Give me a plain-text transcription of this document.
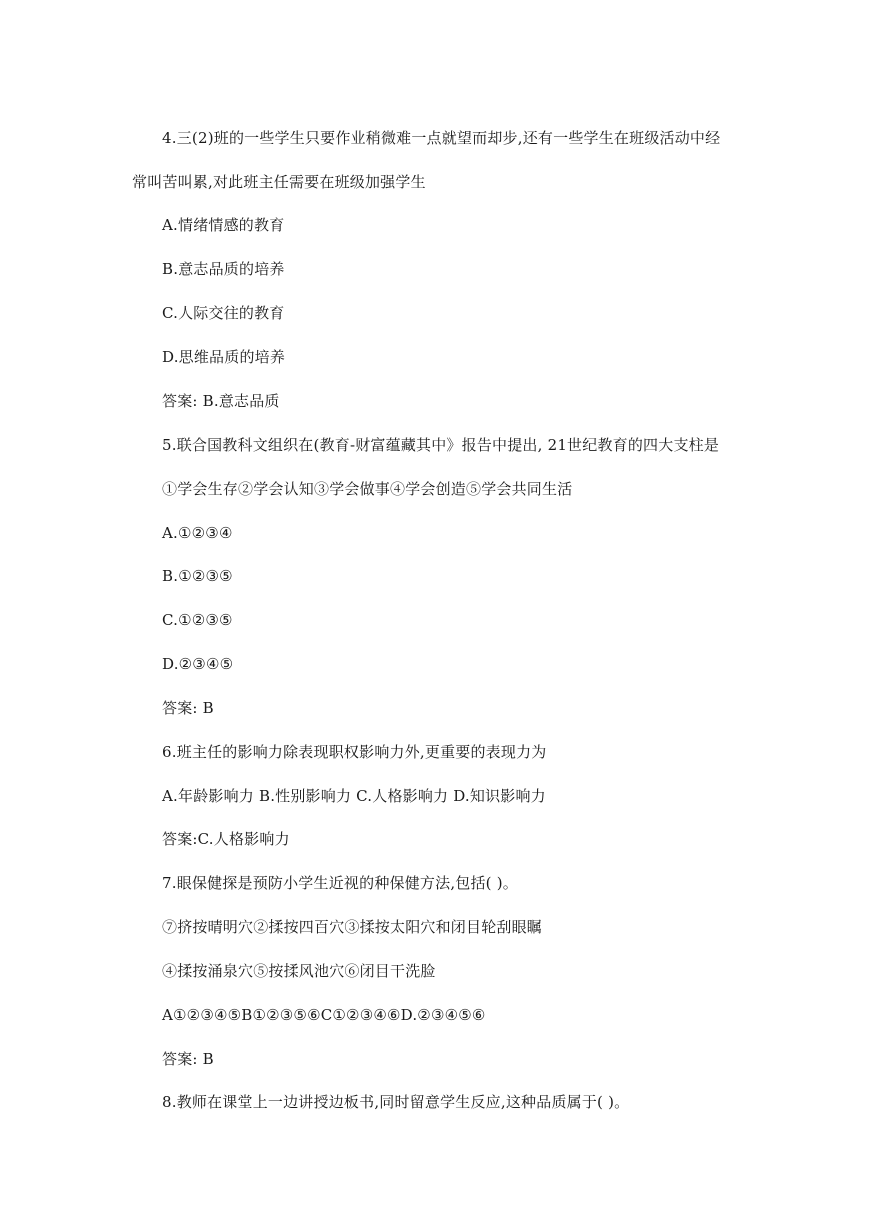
4.三(2)班的一些学生只要作业稍微难一点就望而却步,还有一些学生在班级活动中经
常叫苦叫累,对此班主任需要在班级加强学生
A.情绪情感的教育
B.意志品质的培养
C.人际交往的教育
D.思维品质的培养
答案: B.意志品质
5.联合国教科文组织在(教育-财富蕴藏其中》报告中提出, 21世纪教育的四大支柱是
①学会生存②学会认知③学会做事④学会创造⑤学会共同生活
A.①②③④
B.①②③⑤
C.①②③⑤
D.②③④⑤
答案: B
6.班主任的影响力除表现职权影响力外,更重要的表现力为
A.年龄影响力 B.性别影响力 C.人格影响力 D.知识影响力
答案:C.人格影响力
7.眼保健探是预防小学生近视的种保健方法,包括( )。
⑦挤按晴明穴②揉按四百穴③揉按太阳穴和闭目轮刮眼瞩
④揉按涌泉穴⑤按揉风池穴⑥闭目干洗脸
A①②③④⑤B①②③⑤⑥C①②③④⑥D.②③④⑤⑥
答案: B
8.教师在课堂上一边讲授边板书,同时留意学生反应,这种品质属于( )。
